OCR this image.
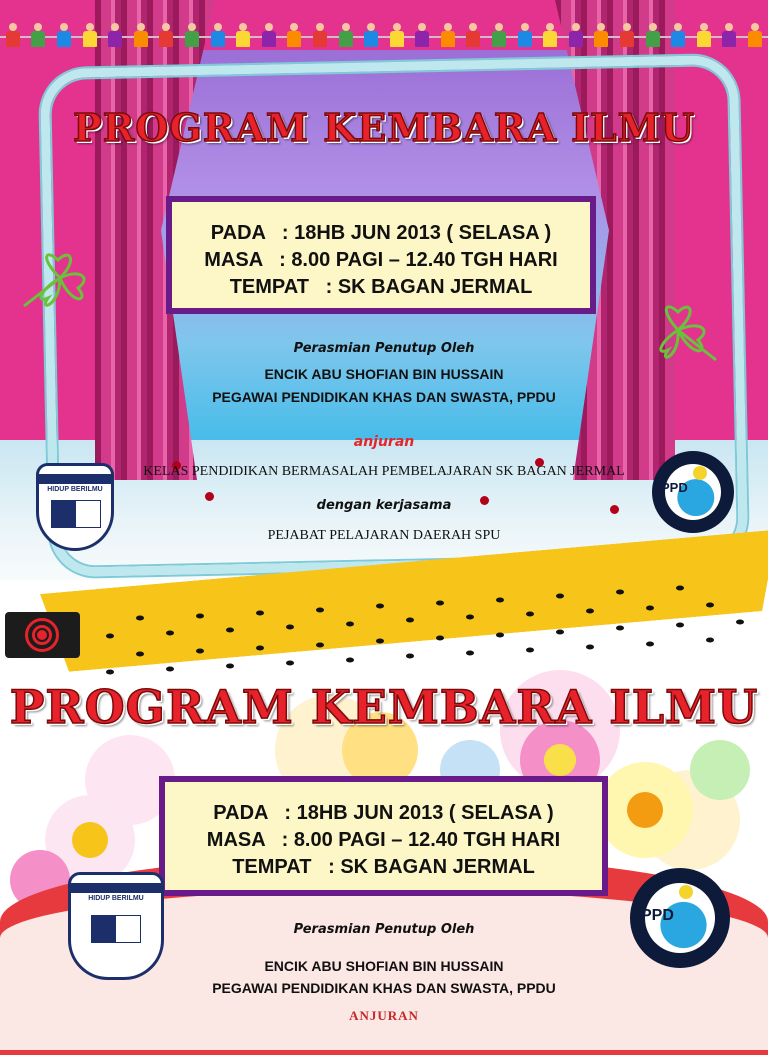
PROGRAM KEMBARA ILMU
PADA   : 18HB JUN 2013 ( SELASA )
MASA   : 8.00 PAGI – 12.40 TGH HARI
TEMPAT   : SK BAGAN JERMAL
Perasmian Penutup Oleh
ENCIK ABU SHOFIAN BIN HUSSAIN
PEGAWAI PENDIDIKAN KHAS DAN SWASTA, PPDU
anjuran
KELAS PENDIDIKAN BERMASALAH PEMBELAJARAN SK BAGAN JERMAL
dengan kerjasama
PEJABAT PELAJARAN DAERAH SPU
HIDUP BERILMU	PPD
PROGRAM KEMBARA ILMU
PADA   : 18HB JUN 2013 ( SELASA )
MASA   : 8.00 PAGI – 12.40 TGH HARI
TEMPAT   : SK BAGAN JERMAL
Perasmian Penutup Oleh
ENCIK ABU SHOFIAN BIN HUSSAIN
PEGAWAI PENDIDIKAN KHAS DAN SWASTA, PPDU
ANJURAN
HIDUP BERILMU
PPD
